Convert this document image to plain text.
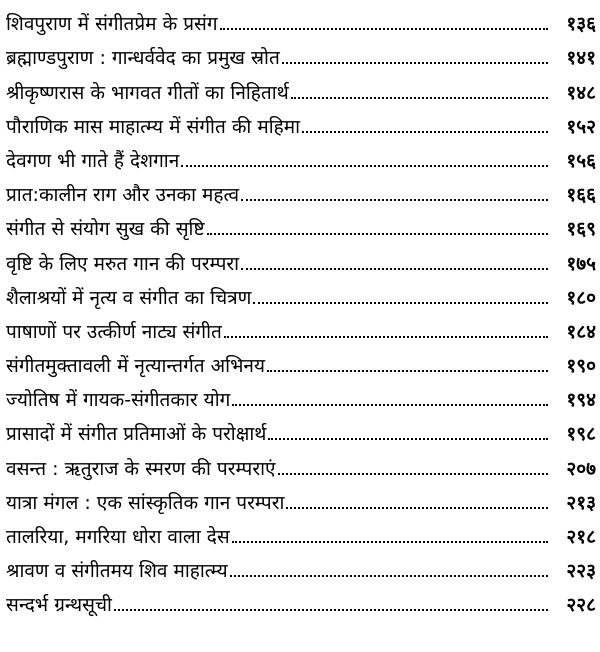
शिवपुराण में संगीतप्रेम के प्रसंग	१३६
ब्रह्माण्डपुराण : गान्धर्ववेद का प्रमुख स्रोत	१४१
श्रीकृष्णरास के भागवत गीतों का निहितार्थ	१४८
पौराणिक मास माहात्म्य में संगीत की महिमा	१५२
देवगण भी गाते हैं देशगान	१५६
प्रात:कालीन राग और उनका महत्व	१६६
संगीत से संयोग सुख की सृष्टि	१६९
वृष्टि के लिए मरुत गान की परम्परा	१७५
शैलाश्रयों में नृत्य व संगीत का चित्रण	१८०
पाषाणों पर उत्कीर्ण नाट्य संगीत	१८४
संगीतमुक्तावली में नृत्यान्तर्गत अभिनय	१९०
ज्योतिष में गायक-संगीतकार योग	१९४
प्रासादों में संगीत प्रतिमाओं के परोक्षार्थ	१९८
वसन्त : ऋतुराज के स्मरण की परम्पराएं	२०७
यात्रा मंगल : एक सांस्कृतिक गान परम्परा	२१३
तालरिया, मगरिया धोरा वाला देस	२१८
श्रावण व संगीतमय शिव माहात्म्य	२२३
सन्दर्भ ग्रन्थसूची	२२८
